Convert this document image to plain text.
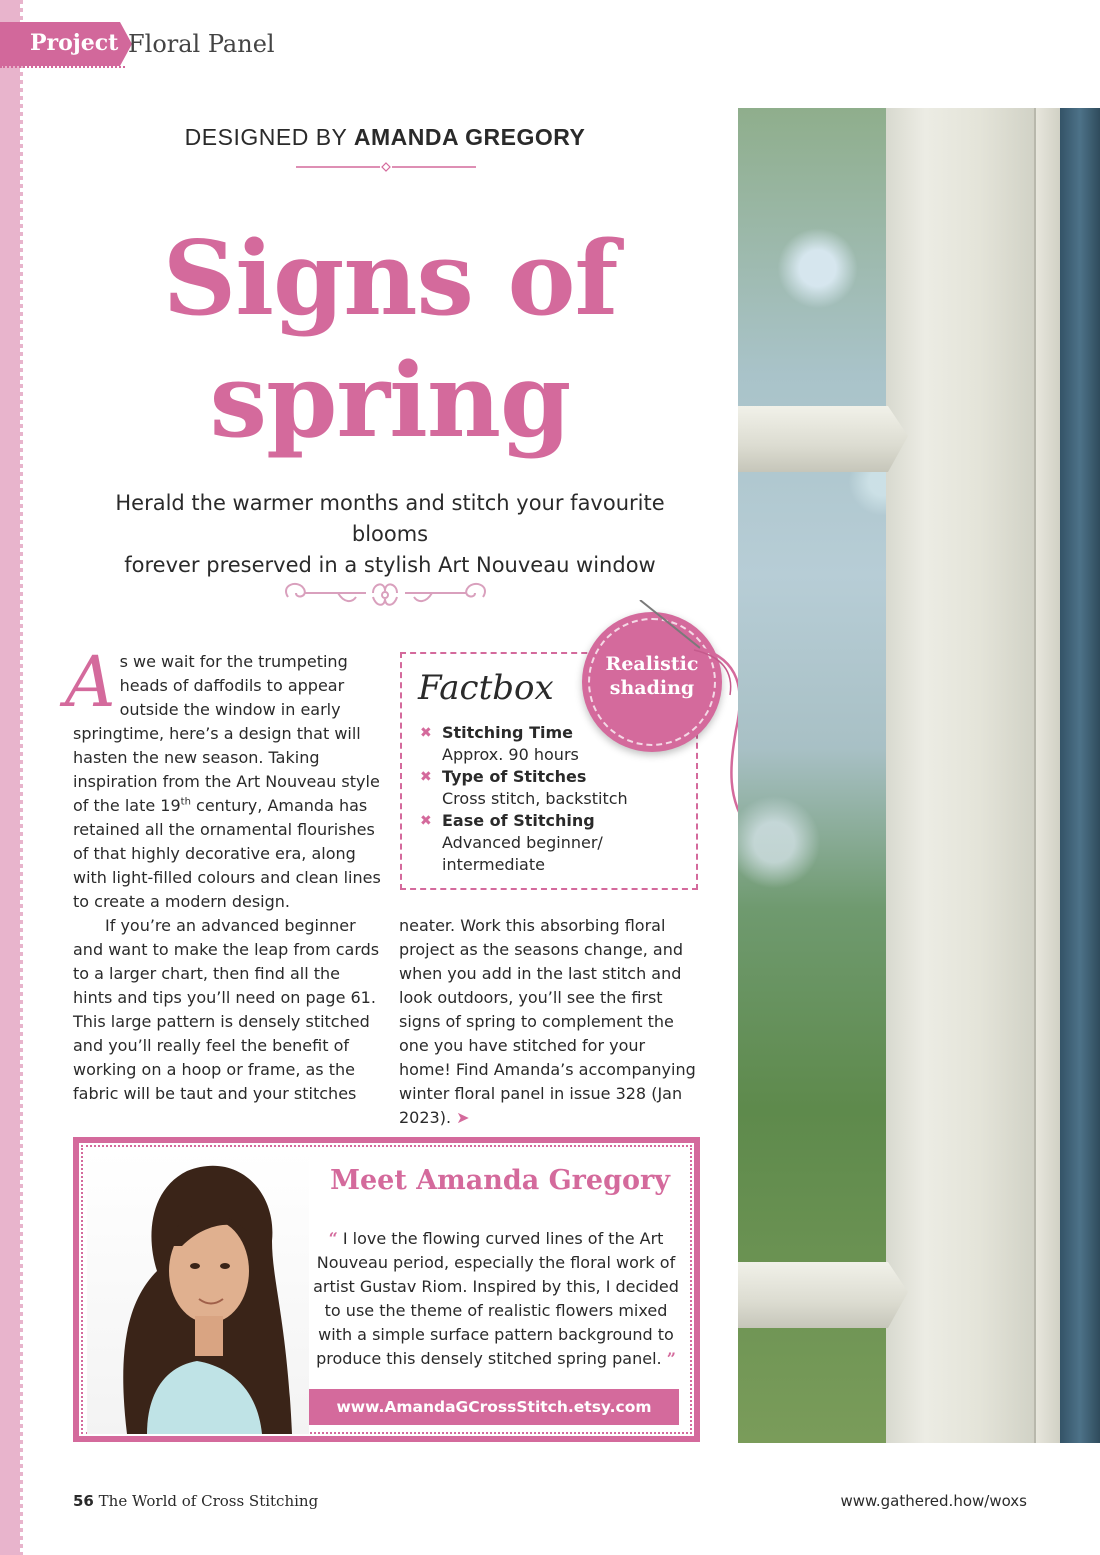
Project Floral Panel
DESIGNED BY AMANDA GREGORY
Signs of
spring
Herald the warmer months and stitch your favourite blooms
forever preserved in a stylish Art Nouveau window

As we wait for the trumpeting heads of daffodils to appear outside the window in early springtime, here’s a design that will hasten the new season. Taking inspiration from the Art Nouveau style of the late 19th century, Amanda has retained all the ornamental flourishes of that highly decorative era, along with light-filled colours and clean lines to create a modern design.

If you’re an advanced beginner and want to make the leap from cards to a larger chart, then find all the hints and tips you’ll need on page 61. This large pattern is densely stitched and you’ll really feel the benefit of working on a hoop or frame, as the fabric will be taut and your stitches

neater. Work this absorbing floral project as the seasons change, and when you add in the last stitch and look outdoors, you’ll see the first signs of spring to complement the one you have stitched for your home! Find Amanda’s accompanying winter floral panel in issue 328 (Jan 2023). ➤

Factbox
✖ Stitching Time
Approx. 90 hours
✖ Type of Stitches
Cross stitch, backstitch
✖ Ease of Stitching
Advanced beginner/ intermediate
Realistic
shading
Meet Amanda Gregory
“ I love the flowing curved lines of the Art Nouveau period, especially the floral work of artist Gustav Riom. Inspired by this, I decided to use the theme of realistic flowers mixed with a simple surface pattern background to produce this densely stitched spring panel. ”
www.AmandaGCrossStitch.etsy.com
56 The World of Cross Stitching	www.gathered.how/woxs
